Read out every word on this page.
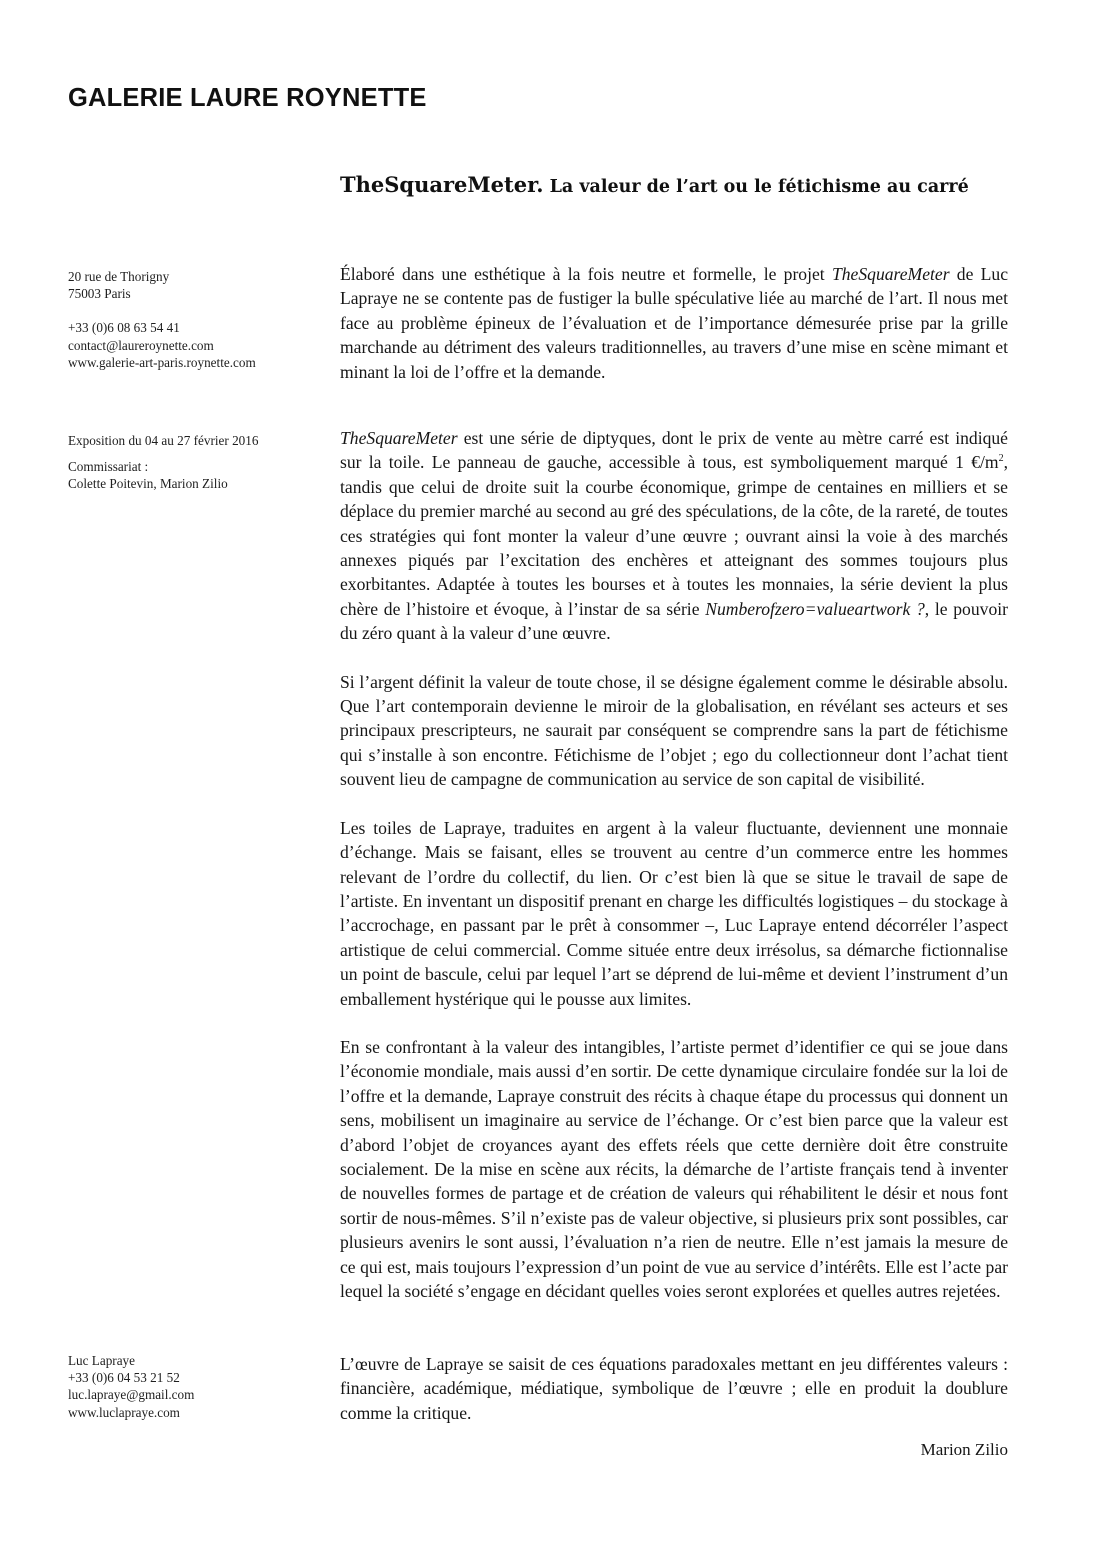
GALERIE LAURE ROYNETTE
TheSquareMeter. La valeur de l’art ou le fétichisme au carré
20 rue de Thorigny
75003 Paris
+33 (0)6 08 63 54 41
contact@laureroynette.com
www.galerie-art-paris.roynette.com
Exposition du 04 au 27 février 2016
Commissariat :
Colette Poitevin, Marion Zilio
Luc Lapraye
+33 (0)6 04 53 21 52
luc.lapraye@gmail.com
www.luclapraye.com

Élaboré dans une esthétique à la fois neutre et formelle, le projet TheSquareMeter de Luc Lapraye ne se contente pas de fustiger la bulle spéculative liée au marché de l’art. Il nous met face au problème épineux de l’évaluation et de l’importance démesurée prise par la grille marchande au détriment des valeurs traditionnelles, au travers d’une mise en scène mimant et minant la loi de l’offre et la demande.

TheSquareMeter est une série de diptyques, dont le prix de vente au mètre carré est indiqué sur la toile. Le panneau de gauche, accessible à tous, est symboliquement marqué 1 $€/m^2$, tandis que celui de droite suit la courbe économique, grimpe de centaines en milliers et se déplace du premier marché au second au gré des spéculations, de la côte, de la rareté, de toutes ces stratégies qui font monter la valeur d’une œuvre ; ouvrant ainsi la voie à des marchés annexes piqués par l’excitation des enchères et atteignant des sommes toujours plus exorbitantes. Adaptée à toutes les bourses et à toutes les monnaies, la série devient la plus chère de l’histoire et évoque, à l’instar de sa série Numberofzero=valueartwork ?, le pouvoir du zéro quant à la valeur d’une œuvre.

Si l’argent définit la valeur de toute chose, il se désigne également comme le désirable absolu. Que l’art contemporain devienne le miroir de la globalisation, en révélant ses acteurs et ses principaux prescripteurs, ne saurait par conséquent se comprendre sans la part de fétichisme qui s’installe à son encontre. Fétichisme de l’objet ; ego du collectionneur dont l’achat tient souvent lieu de campagne de communication au service de son capital de visibilité.

Les toiles de Lapraye, traduites en argent à la valeur fluctuante, deviennent une monnaie d’échange. Mais se faisant, elles se trouvent au centre d’un commerce entre les hommes relevant de l’ordre du collectif, du lien. Or c’est bien là que se situe le travail de sape de l’artiste. En inventant un dispositif prenant en charge les difficultés logistiques – du stockage à l’accrochage, en passant par le prêt à consommer –, Luc Lapraye entend décorréler l’aspect artistique de celui commercial. Comme située entre deux irrésolus, sa démarche fictionnalise un point de bascule, celui par lequel l’art se déprend de lui-même et devient l’instrument d’un emballement hystérique qui le pousse aux limites.

En se confrontant à la valeur des intangibles, l’artiste permet d’identifier ce qui se joue dans l’économie mondiale, mais aussi d’en sortir. De cette dynamique circulaire fondée sur la loi de l’offre et la demande, Lapraye construit des récits à chaque étape du processus qui donnent un sens, mobilisent un imaginaire au service de l’échange. Or c’est bien parce que la valeur est d’abord l’objet de croyances ayant des effets réels que cette dernière doit être construite socialement. De la mise en scène aux récits, la démarche de l’artiste français tend à inventer de nouvelles formes de partage et de création de valeurs qui réhabilitent le désir et nous font sortir de nous-mêmes. S’il n’existe pas de valeur objective, si plusieurs prix sont possibles, car plusieurs avenirs le sont aussi, l’évaluation n’a rien de neutre. Elle n’est jamais la mesure de ce qui est, mais toujours l’expression d’un point de vue au service d’intérêts. Elle est l’acte par lequel la société s’engage en décidant quelles voies seront explorées et quelles autres rejetées.

L’œuvre de Lapraye se saisit de ces équations paradoxales mettant en jeu différentes valeurs : financière, académique, médiatique, symbolique de l’œuvre ; elle en produit la doublure comme la critique.

Marion Zilio
